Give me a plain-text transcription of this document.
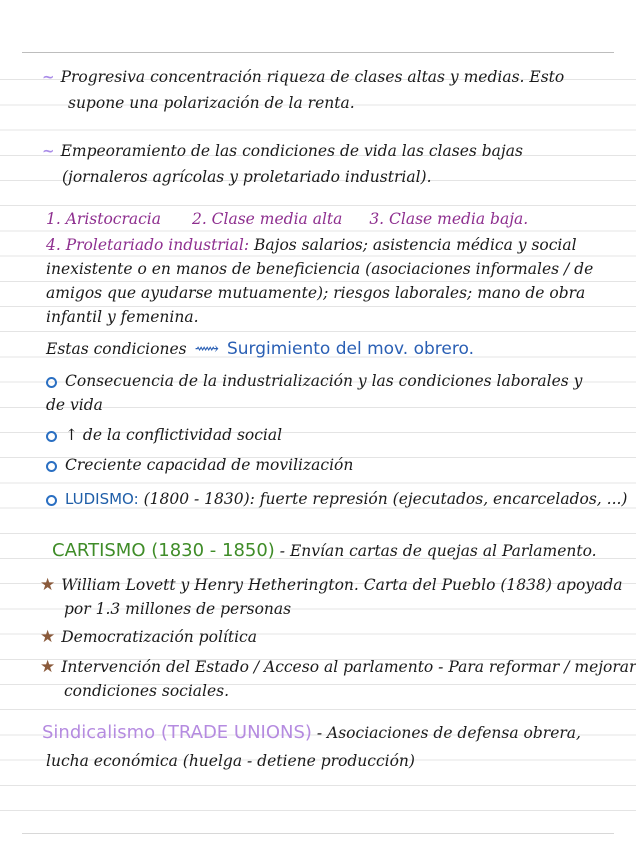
~ Progresiva concentración riqueza de clases altas y medias. Esto
supone una polarización de la renta.
~ Empeoramiento de las condiciones de vida las clases bajas
(jornaleros agrícolas y proletariado industrial).
1. Aristocracia 2. Clase media alta 3. Clase media baja.
4. Proletariado industrial: Bajos salarios; asistencia médica y social
inexistente o en manos de beneficiencia (asociaciones informales / de
amigos que ayudarse mutuamente); riesgos laborales; mano de obra
infantil y femenina.
Estas condiciones ⟿ Surgimiento del mov. obrero.
Consecuencia de la industrialización y las condiciones laborales y
de vida
↑ de la conflictividad social
Creciente capacidad de movilización
LUDISMO: (1800 - 1830): fuerte represión (ejecutados, encarcelados, ...)
CARTISMO (1830 - 1850) - Envían cartas de quejas al Parlamento.
★ William Lovett y Henry Hetherington. Carta del Pueblo (1838) apoyada
por 1.3 millones de personas
★ Democratización política
★ Intervención del Estado / Acceso al parlamento - Para reformar / mejorar
condiciones sociales.
Sindicalismo (TRADE UNIONS) - Asociaciones de defensa obrera,
lucha económica (huelga - detiene producción)
